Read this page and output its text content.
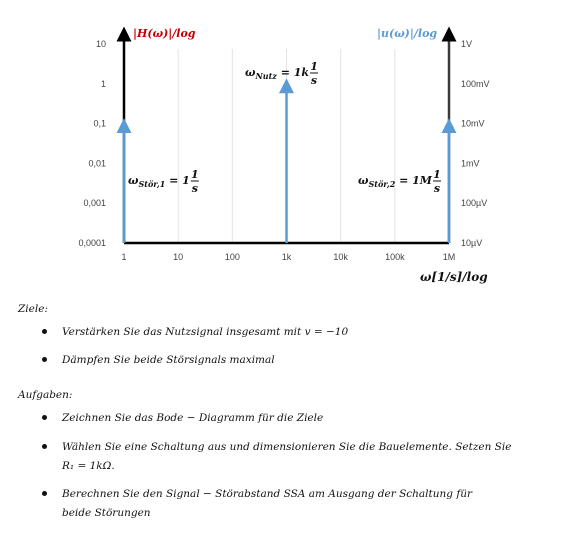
10
1
0,1
0,01
0,001
0,0001
1V
100mV
10mV
1mV
100µV
10µV
1	10	100	1k	10k	100k	1M
$\omega_{Stör,1} = 1$ 1
s
$\omega_{Nutz} = 1k$ 1
s
$\omega_{Stör,2} = 1M$ 1
s
|H(ω)|/log	|u(ω)|/log
ω[1/s]/log
Ziele:
Verstärken Sie das Nutzsignal insgesamt mit v = −10
Dämpfen Sie beide Störsignals maximal
Aufgaben:
Zeichnen Sie das Bode − Diagramm für die Ziele
Wählen Sie eine Schaltung aus und dimensionieren Sie die Bauelemente. Setzen Sie
R₁ = 1kΩ.
Berechnen Sie den Signal − Störabstand SSA am Ausgang der Schaltung für
beide Störungen
